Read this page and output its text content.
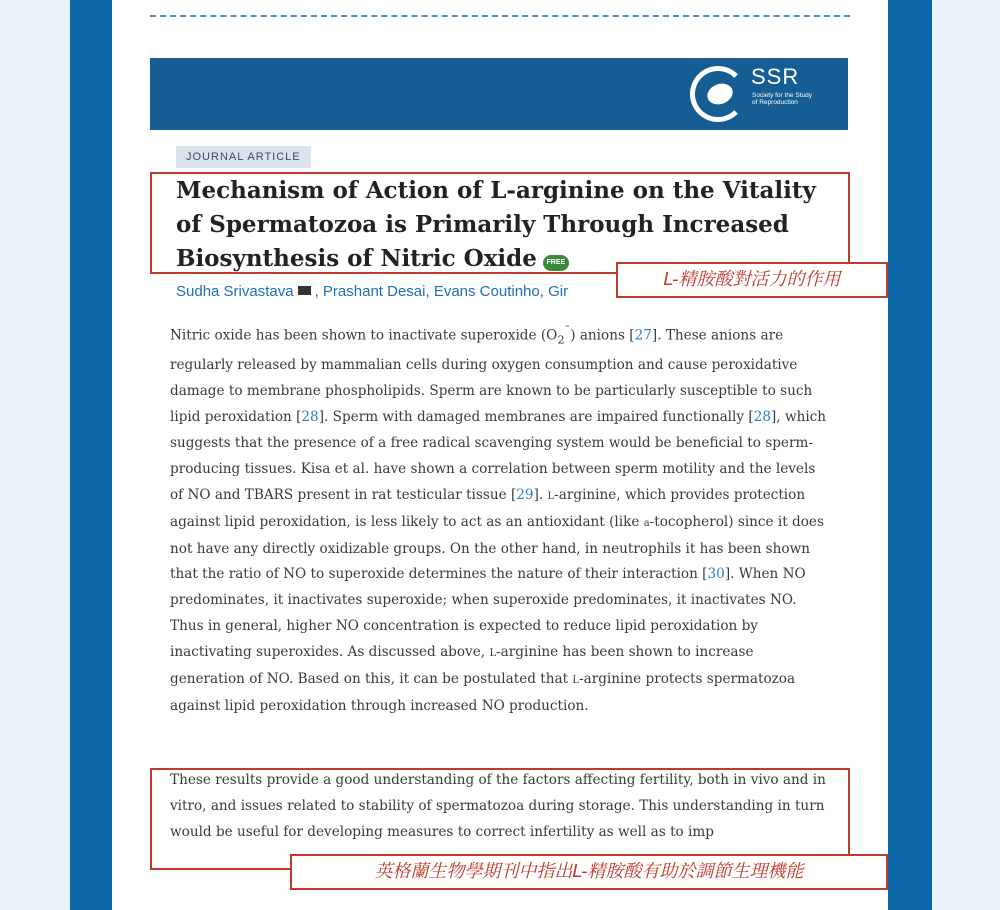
SSR
Society for the Study of Reproduction
JOURNAL ARTICLE
Mechanism of Action of L-arginine on the Vitality of Spermatozoa is Primarily Through Increased Biosynthesis of Nitric Oxide FREE
Sudha Srivastava , Prashant Desai, Evans Coutinho, Gir
L-精胺酸對活力的作用
Nitric oxide has been shown to inactivate superoxide $(O_2^¯)$ anions [27]. These anions are regularly released by mammalian cells during oxygen consumption and cause peroxidative damage to membrane phospholipids. Sperm are known to be particularly susceptible to such lipid peroxidation [28]. Sperm with damaged membranes are impaired functionally [28], which suggests that the presence of a free radical scavenging system would be beneficial to sperm-producing tissues. Kisa et al. have shown a correlation between sperm motility and the levels of NO and TBARS present in rat testicular tissue [29]. L-arginine, which provides protection against lipid peroxidation, is less likely to act as an antioxidant (like a-tocopherol) since it does not have any directly oxidizable groups. On the other hand, in neutrophils it has been shown that the ratio of NO to superoxide determines the nature of their interaction [30]. When NO predominates, it inactivates superoxide; when superoxide predominates, it inactivates NO. Thus in general, higher NO concentration is expected to reduce lipid peroxidation by inactivating superoxides. As discussed above, L-arginine has been shown to increase generation of NO. Based on this, it can be postulated that L-arginine protects spermatozoa against lipid peroxidation through increased NO production.
These results provide a good understanding of the factors affecting fertility, both in vivo and in vitro, and issues related to stability of spermatozoa during storage. This understanding in turn would be useful for developing measures to correct infertility as well as to imp
英格蘭生物學期刊中指出L-精胺酸有助於調節生理機能
